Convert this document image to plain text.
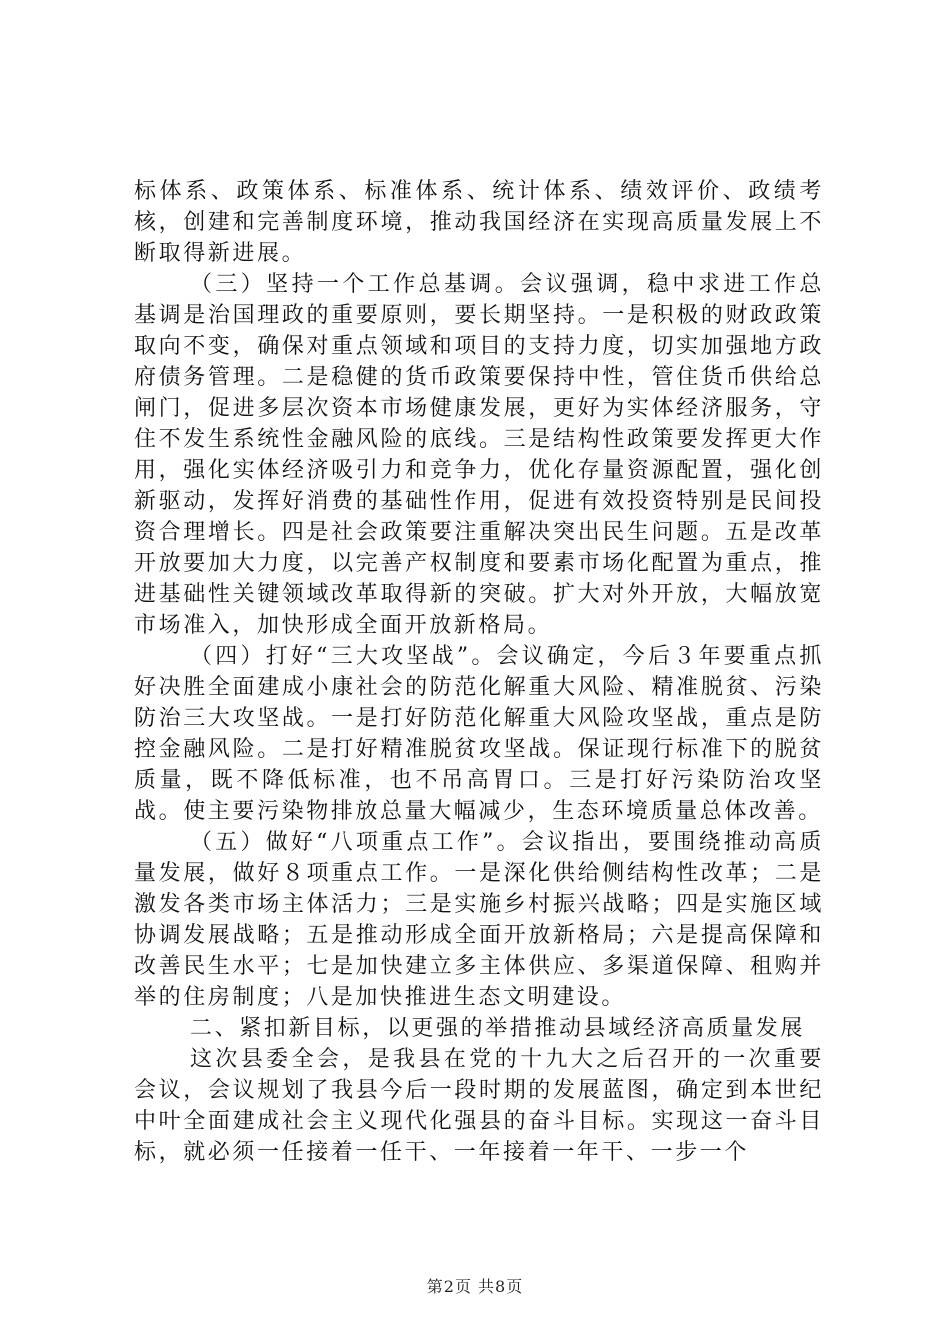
标体系、政策体系、标准体系、统计体系、绩效评价、政绩考核，创建和完善制度环境，推动我国经济在实现高质量发展上不断取得新进展。

（三）坚持一个工作总基调。会议强调，稳中求进工作总基调是治国理政的重要原则，要长期坚持。一是积极的财政政策取向不变，确保对重点领域和项目的支持力度，切实加强地方政府债务管理。二是稳健的货币政策要保持中性，管住货币供给总闸门，促进多层次资本市场健康发展，更好为实体经济服务，守住不发生系统性金融风险的底线。三是结构性政策要发挥更大作用，强化实体经济吸引力和竞争力，优化存量资源配置，强化创新驱动，发挥好消费的基础性作用，促进有效投资特别是民间投资合理增长。四是社会政策要注重解决突出民生问题。五是改革开放要加大力度，以完善产权制度和要素市场化配置为重点，推进基础性关键领域改革取得新的突破。扩大对外开放，大幅放宽市场准入，加快形成全面开放新格局。

（四）打好“三大攻坚战”。会议确定，今后３年要重点抓好决胜全面建成小康社会的防范化解重大风险、精准脱贫、污染防治三大攻坚战。一是打好防范化解重大风险攻坚战，重点是防控金融风险。二是打好精准脱贫攻坚战。保证现行标准下的脱贫质量，既不降低标准，也不吊高胃口。三是打好污染防治攻坚战。使主要污染物排放总量大幅减少，生态环境质量总体改善。

（五）做好“八项重点工作”。会议指出，要围绕推动高质量发展，做好８项重点工作。一是深化供给侧结构性改革；二是激发各类市场主体活力；三是实施乡村振兴战略；四是实施区域协调发展战略；五是推动形成全面开放新格局；六是提高保障和改善民生水平；七是加快建立多主体供应、多渠道保障、租购并举的住房制度；八是加快推进生态文明建设。

二、紧扣新目标，以更强的举措推动县域经济高质量发展

这次县委全会，是我县在党的十九大之后召开的一次重要会议，会议规划了我县今后一段时期的发展蓝图，确定到本世纪中叶全面建成社会主义现代化强县的奋斗目标。实现这一奋斗目标，就必须一任接着一任干、一年接着一年干、一步一个

第2页 共8页
